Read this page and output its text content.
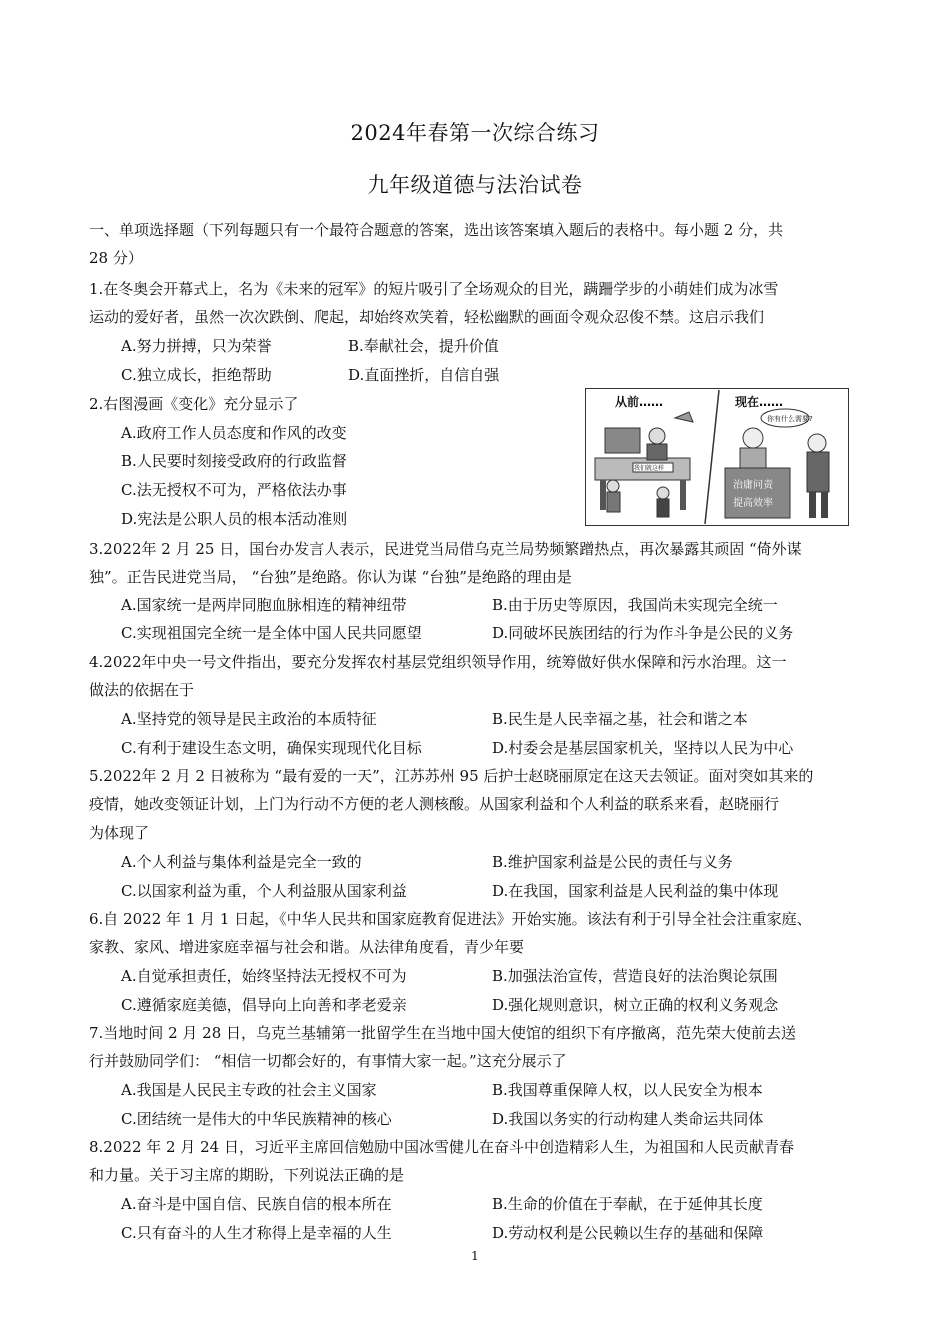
2024年春第一次综合练习
九年级道德与法治试卷
一、单项选择题（下列每题只有一个最符合题意的答案，选出该答案填入题后的表格中。每小题 2 分，共
28 分）
1.在冬奥会开幕式上，名为《未来的冠军》的短片吸引了全场观众的目光，蹒跚学步的小萌娃们成为冰雪
运动的爱好者，虽然一次次跌倒、爬起，却始终欢笑着，轻松幽默的画面令观众忍俊不禁。这启示我们
A.努力拼搏，只为荣誉	B.奉献社会，提升价值
C.独立成长，拒绝帮助	D.直面挫折，自信自强
2.右图漫画《变化》充分显示了
A.政府工作人员态度和作风的改变
B.人民要时刻接受政府的行政监督
C.法无授权不可为，严格依法办事
D.宪法是公职人员的根本活动准则
从前……
我们就这样
现在……
你有什么需要?
治庸问责
提高效率
3.2022年 2 月 25 日，国台办发言人表示，民进党当局借乌克兰局势频繁蹭热点，再次暴露其顽固 “倚外谋
独”。正告民进党当局， “台独”是绝路。你认为谋 “台独”是绝路的理由是
A.国家统一是两岸同胞血脉相连的精神纽带	B.由于历史等原因，我国尚未实现完全统一
C.实现祖国完全统一是全体中国人民共同愿望	D.同破坏民族团结的行为作斗争是公民的义务
4.2022年中央一号文件指出，要充分发挥农村基层党组织领导作用，统筹做好供水保障和污水治理。这一
做法的依据在于
A.坚持党的领导是民主政治的本质特征	B.民生是人民幸福之基，社会和谐之本
C.有利于建设生态文明，确保实现现代化目标	D.村委会是基层国家机关，坚持以人民为中心
5.2022年 2 月 2 日被称为 “最有爱的一天”，江苏苏州 95 后护士赵晓丽原定在这天去领证。面对突如其来的
疫情，她改变领证计划，上门为行动不方便的老人测核酸。从国家利益和个人利益的联系来看，赵晓丽行
为体现了
A.个人利益与集体利益是完全一致的	B.维护国家利益是公民的责任与义务
C.以国家利益为重，个人利益服从国家利益	D.在我国，国家利益是人民利益的集中体现
6.自 2022 年 1 月 1 日起，《中华人民共和国家庭教育促进法》开始实施。该法有利于引导全社会注重家庭、
家教、家风、增进家庭幸福与社会和谐。从法律角度看，青少年要
A.自觉承担责任，始终坚持法无授权不可为	B.加强法治宣传，营造良好的法治舆论氛围
C.遵循家庭美德，倡导向上向善和孝老爱亲	D.强化规则意识，树立正确的权利义务观念
7.当地时间 2 月 28 日，乌克兰基辅第一批留学生在当地中国大使馆的组织下有序撤离，范先荣大使前去送
行并鼓励同学们： “相信一切都会好的，有事情大家一起。”这充分展示了
A.我国是人民民主专政的社会主义国家	B.我国尊重保障人权，以人民安全为根本
C.团结统一是伟大的中华民族精神的核心	D.我国以务实的行动构建人类命运共同体
8.2022 年 2 月 24 日，习近平主席回信勉励中国冰雪健儿在奋斗中创造精彩人生，为祖国和人民贡献青春
和力量。关于习主席的期盼，下列说法正确的是
A.奋斗是中国自信、民族自信的根本所在	B.生命的价值在于奉献，在于延伸其长度
C.只有奋斗的人生才称得上是幸福的人生	D.劳动权利是公民赖以生存的基础和保障
1
